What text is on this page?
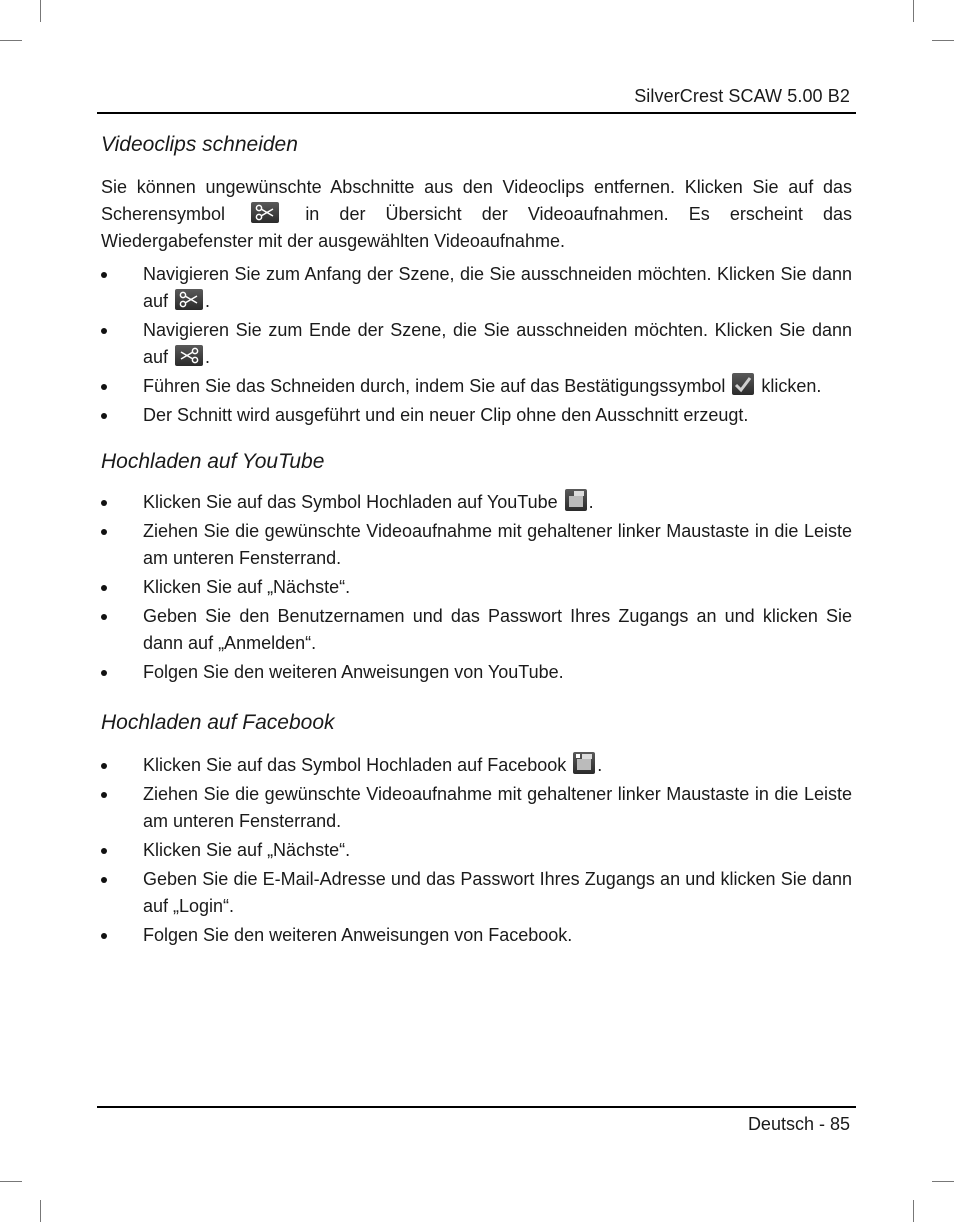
SilverCrest SCAW 5.00 B2
Videoclips schneiden

Sie können ungewünschte Abschnitte aus den Videoclips entfernen. Klicken Sie auf das Scherensymbol	in der Übersicht der Videoaufnahmen. Es erscheint das Wiedergabefenster mit der ausgewählten Videoaufnahme.

Navigieren Sie zum Anfang der Szene, die Sie ausschneiden möchten. Klicken Sie dann auf .
Navigieren Sie zum Ende der Szene, die Sie ausschneiden möchten. Klicken Sie dann auf .
Führen Sie das Schneiden durch, indem Sie auf das Bestätigungssymbol klicken.
Der Schnitt wird ausgeführt und ein neuer Clip ohne den Ausschnitt erzeugt.
Hochladen auf YouTube
Klicken Sie auf das Symbol Hochladen auf YouTube .
Ziehen Sie die gewünschte Videoaufnahme mit gehaltener linker Maustaste in die Leiste am unteren Fensterrand.
Klicken Sie auf „Nächste“.
Geben Sie den Benutzernamen und das Passwort Ihres Zugangs an und klicken Sie dann auf „Anmelden“.
Folgen Sie den weiteren Anweisungen von YouTube.
Hochladen auf Facebook
Klicken Sie auf das Symbol Hochladen auf Facebook .
Ziehen Sie die gewünschte Videoaufnahme mit gehaltener linker Maustaste in die Leiste am unteren Fensterrand.
Klicken Sie auf „Nächste“.
Geben Sie die E-Mail-Adresse und das Passwort Ihres Zugangs an und klicken Sie dann auf „Login“.
Folgen Sie den weiteren Anweisungen von Facebook.
Deutsch - 85
